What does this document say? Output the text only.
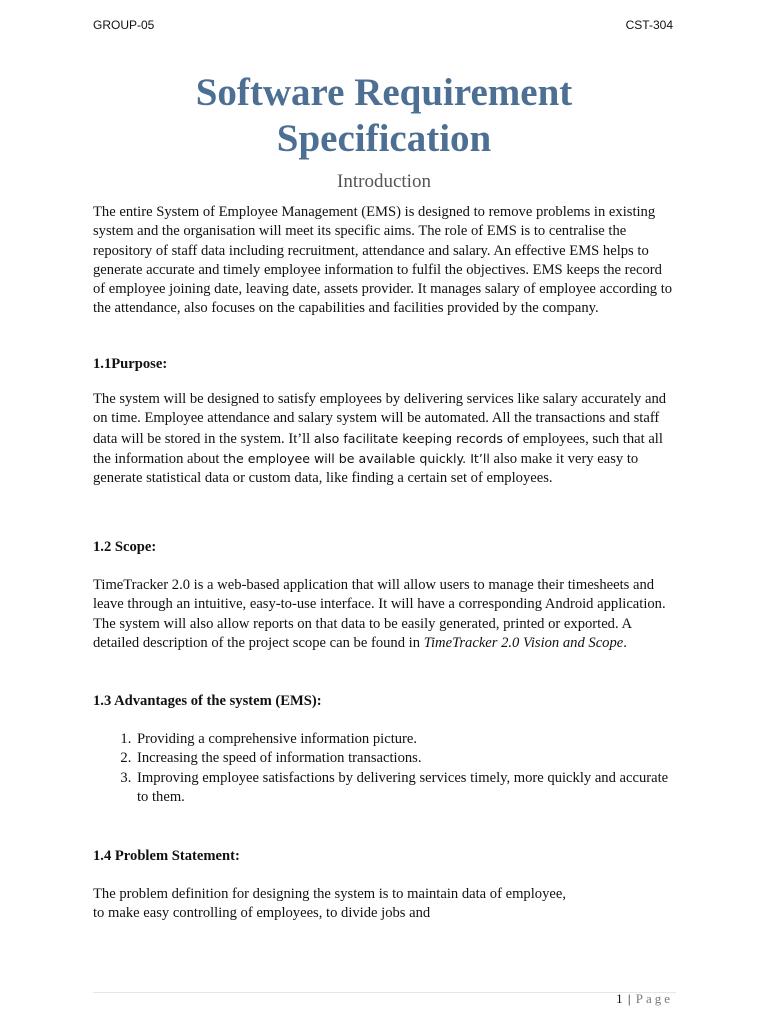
GROUP-05	CST-304
Software Requirement
Specification
Introduction

The entire System of Employee Management (EMS) is designed to remove problems in existing system and the organisation will meet its specific aims. The role of EMS is to centralise the repository of staff data including recruitment, attendance and salary. An effective EMS helps to generate accurate and timely employee information to fulfil the objectives. EMS keeps the record of employee joining date, leaving date, assets provider. It manages salary of employee according to the attendance, also focuses on the capabilities and facilities provided by the company.

1.1Purpose:
The system will be designed to satisfy employees by delivering services like salary accurately and on time. Employee attendance and salary system will be automated. All the transactions and staff data will be stored in the system. It’ll also facilitate keeping records of employees, such that all the information about the employee will be available quickly. It’ll also make it very easy to generate statistical data or custom data, like finding a certain set of employees.
1.2 Scope:
TimeTracker 2.0 is a web-based application that will allow users to manage their timesheets and leave through an intuitive, easy-to-use interface. It will have a corresponding Android application. The system will also allow reports on that data to be easily generated, printed or exported. A detailed description of the project scope can be found in TimeTracker 2.0 Vision and Scope.
1.3 Advantages of the system (EMS):
1. Providing a comprehensive information picture.
2. Increasing the speed of information transactions.
3. Improving employee satisfactions by delivering services timely, more quickly and accurate to them.
1.4 Problem Statement:
The problem definition for designing the system is to maintain data of employee,
to make easy controlling of employees, to divide jobs and
1 | Page
